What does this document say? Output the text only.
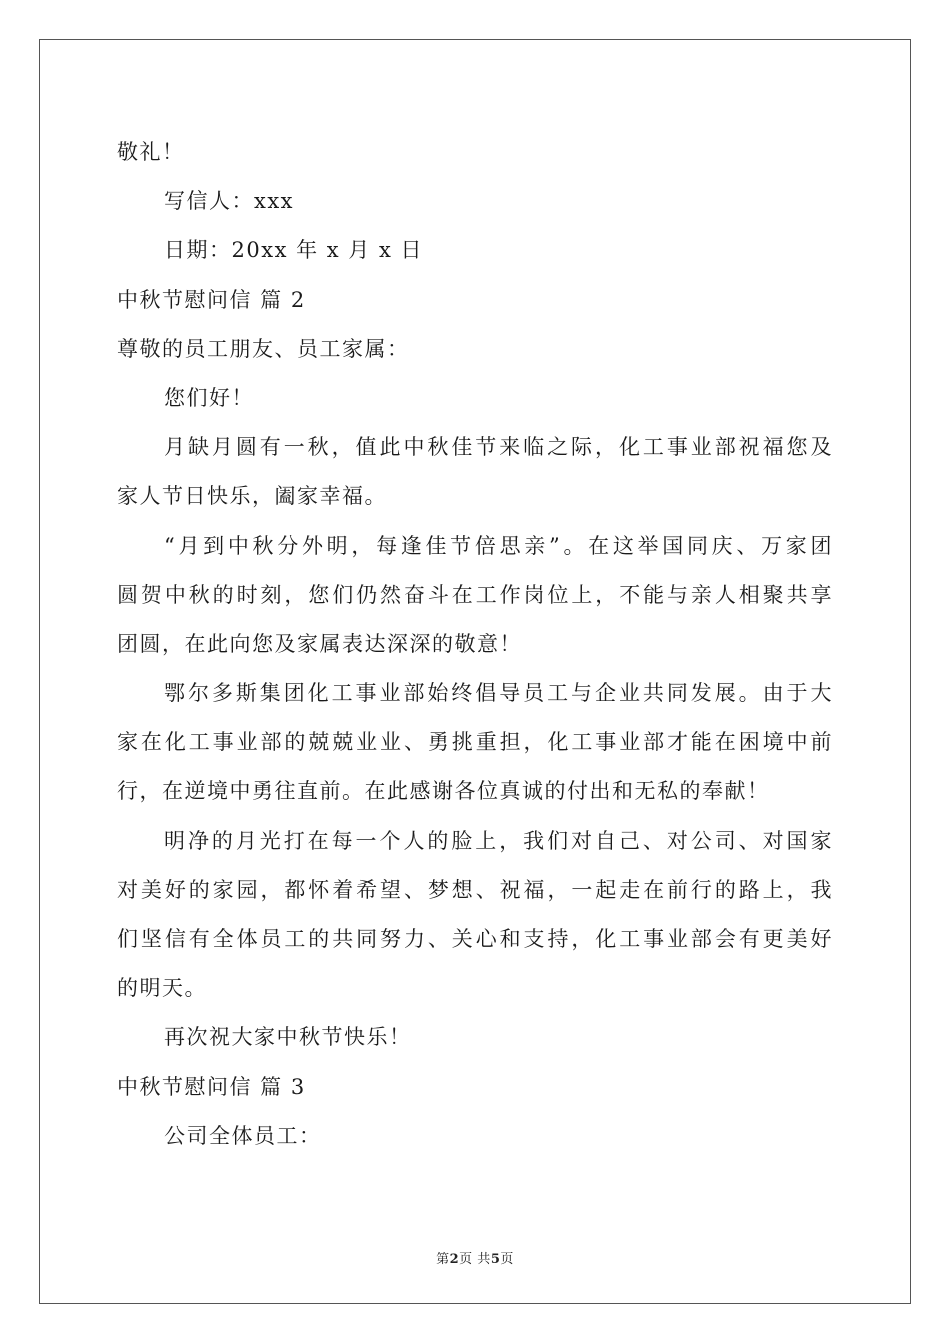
敬礼！
写信人：xxx
日期：20xx 年 x 月 x 日
中秋节慰问信 篇 2
尊敬的员工朋友、员工家属：
您们好！
月缺月圆有一秋，值此中秋佳节来临之际，化工事业部祝福您及
家人节日快乐，阖家幸福。
“月到中秋分外明，每逢佳节倍思亲”。在这举国同庆、万家团
圆贺中秋的时刻，您们仍然奋斗在工作岗位上，不能与亲人相聚共享
团圆，在此向您及家属表达深深的敬意！
鄂尔多斯集团化工事业部始终倡导员工与企业共同发展。由于大
家在化工事业部的兢兢业业、勇挑重担，化工事业部才能在困境中前
行，在逆境中勇往直前。在此感谢各位真诚的付出和无私的奉献！
明净的月光打在每一个人的脸上，我们对自己、对公司、对国家
对美好的家园，都怀着希望、梦想、祝福，一起走在前行的路上，我
们坚信有全体员工的共同努力、关心和支持，化工事业部会有更美好
的明天。
再次祝大家中秋节快乐！
中秋节慰问信 篇 3
公司全体员工：
第2页 共5页
